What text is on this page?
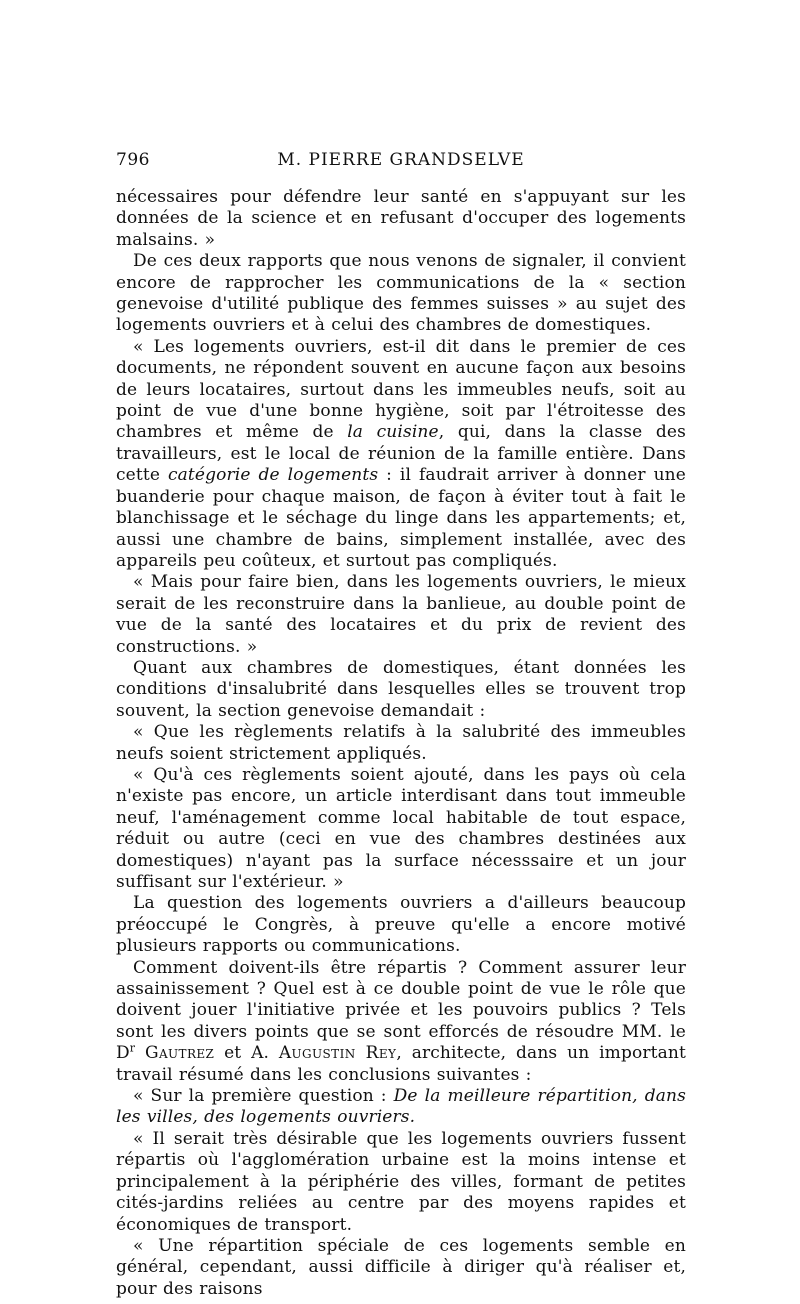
796	M. PIERRE GRANDSELVE

nécessaires pour défendre leur santé en s'appuyant sur les données de la science et en refusant d'occuper des logements malsains. »

De ces deux rapports que nous venons de signaler, il convient encore de rapprocher les communications de la « section genevoise d'utilité publique des femmes suisses » au sujet des logements ouvriers et à celui des chambres de domestiques.

« Les logements ouvriers, est-il dit dans le premier de ces documents, ne répondent souvent en aucune façon aux besoins de leurs locataires, surtout dans les immeubles neufs, soit au point de vue d'une bonne hygiène, soit par l'étroitesse des chambres et même de la cuisine, qui, dans la classe des travailleurs, est le local de réunion de la famille entière. Dans cette catégorie de logements : il faudrait arriver à donner une buanderie pour chaque maison, de façon à éviter tout à fait le blanchissage et le séchage du linge dans les appartements; et, aussi une chambre de bains, simplement installée, avec des appareils peu coûteux, et surtout pas compliqués.

« Mais pour faire bien, dans les logements ouvriers, le mieux serait de les reconstruire dans la banlieue, au double point de vue de la santé des locataires et du prix de revient des constructions. »

Quant aux chambres de domestiques, étant données les conditions d'insalubrité dans lesquelles elles se trouvent trop souvent, la section genevoise demandait :

« Que les règlements relatifs à la salubrité des immeubles neufs soient strictement appliqués.

« Qu'à ces règlements soient ajouté, dans les pays où cela n'existe pas encore, un article interdisant dans tout immeuble neuf, l'aménagement comme local habitable de tout espace, réduit ou autre (ceci en vue des chambres destinées aux domestiques) n'ayant pas la surface nécesssaire et un jour suffisant sur l'extérieur. »

La question des logements ouvriers a d'ailleurs beaucoup préoccupé le Congrès, à preuve qu'elle a encore motivé plusieurs rapports ou communications.

Comment doivent-ils être répartis ? Comment assurer leur assainissement ? Quel est à ce double point de vue le rôle que doivent jouer l'initiative privée et les pouvoirs publics ? Tels sont les divers points que se sont efforcés de résoudre MM. le $D^r$ Gautrez et A. Augustin Rey, architecte, dans un important travail résumé dans les conclusions suivantes :

« Sur la première question : De la meilleure répartition, dans les villes, des logements ouvriers.

« Il serait très désirable que les logements ouvriers fussent répartis où l'agglomération urbaine est la moins intense et principalement à la périphérie des villes, formant de petites cités-jardins reliées au centre par des moyens rapides et économiques de transport.

« Une répartition spéciale de ces logements semble en général, cependant, aussi difficile à diriger qu'à réaliser et, pour des raisons
